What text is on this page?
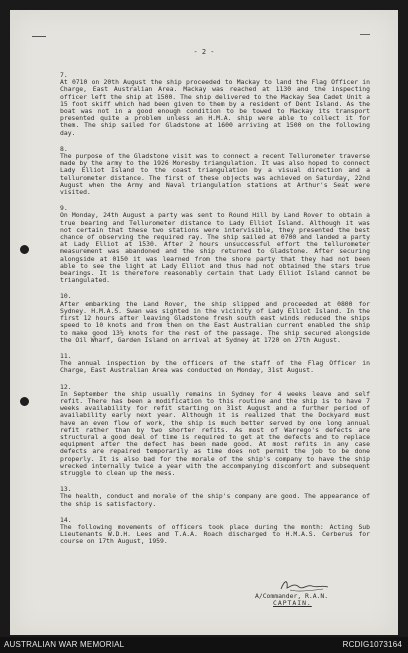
- 2 -
7.
At 0710 on 20th August the ship proceeded to Mackay to land the Flag Officer in Charge, East Australian Area. Mackay was reached at 1130 and the inspecting officer left the ship at 1500. The ship delivered to the Mackay Sea Cadet Unit a 15 foot skiff which had been given to them by a resident of Dent Island. As the boat was not in a good enough condition to be towed to Mackay its transport presented quite a problem unless an H.M.A. ship were able to collect it for them. The ship sailed for Gladstone at 1600 arriving at 1500 on the following day.
8.
The purpose of the Gladstone visit was to connect a recent Tellurometer traverse made by the army to the 1926 Moresby triangulation. It was also hoped to connect Lady Elliot Island to the coast triangulation by a visual direction and a tellurometer distance. The first of these objects was achieved on Saturday, 22nd August when the Army and Naval triangulation stations at Arthur's Seat were visited.
9.
On Monday, 24th August a party was sent to Round Hill by Land Rover to obtain a true bearing and Tellurometer distance to Lady Elliot Island. Although it was not certain that these two stations were intervisible, they presented the best chance of observing the required ray. The ship sailed at 0700 and landed a party at Lady Elliot at 1530. After 2 hours unsuccessful effort the tellurometer measurement was abandoned and the ship returned to Gladstone. After securing alongside at 0150 it was learned from the shore party that they had not been able to see the light at Lady Elliot and thus had not obtained the stars true bearings. It is therefore reasonably certain that Lady Elliot Island cannot be triangulated.
10.
After embarking the Land Rover, the ship slipped and proceeded at 0800 for Sydney. H.M.A.S. Swan was sighted in the vicinity of Lady Elliot Island. In the first 12 hours after leaving Gladstone fresh south east winds reduced the ships speed to 10 knots and from then on the East Australian current enabled the ship to make good 13½ knots for the rest of the passage. The ship secured alongside the Oil Wharf, Garden Island on arrival at Sydney at 1720 on 27th August.
11.
The annual inspection by the officers of the staff of the Flag Officer in Charge, East Australian Area was conducted on Monday, 31st August.
12.
In September the ship usually remains in Sydney for 4 weeks leave and self refit. There has been a modification to this routine and the ship is to have 7 weeks availability for refit starting on 31st August and a further period of availability early next year. Although it is realized that the Dockyard must have an even flow of work, the ship is much better served by one long annual refit rather than by two shorter refits. As most of Warrego's defects are structural a good deal of time is required to get at the defects and to replace equipment after the defect has been made good. At most refits in any case defects are repaired temporarily as time does not permit the job to be done properly. It is also bad for the morale of the ship's company to have the ship wrecked internally twice a year with the accompanying discomfort and subsequent struggle to clean up the mess.
13.
The health, conduct and morale of the ship's company are good. The appearance of the ship is satisfactory.
14.
The following movements of officers took place during the month: Acting Sub Lieutenants W.D.H. Lees and T.A.A. Roach discharged to H.M.A.S. Cerberus for course on 17th August, 1959.
A/Commander, R.A.N.
CAPTAIN.
AUSTRALIAN WAR MEMORIAL	RCDIG1073164
